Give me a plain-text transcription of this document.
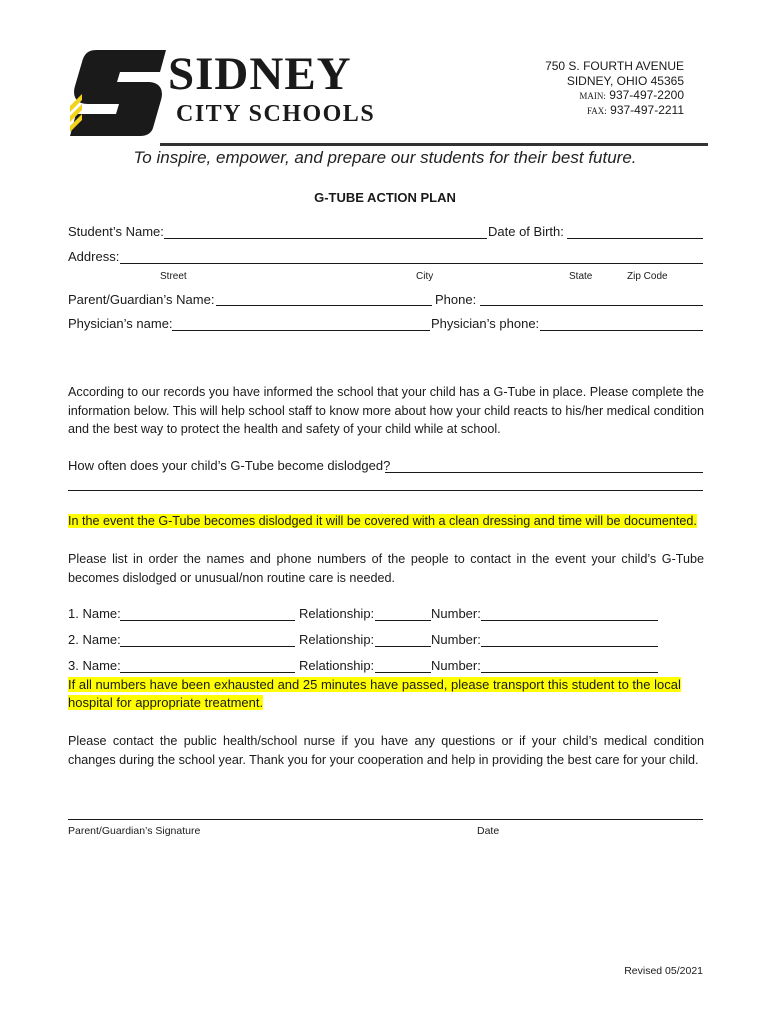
SIDNEY
CITY SCHOOLS
750 S. FOURTH AVENUE
SIDNEY, OHIO 45365
MAIN: 937-497-2200
FAX: 937-497-2211
To inspire, empower, and prepare our students for their best future.
G-TUBE ACTION PLAN
Student’s Name:	Date of Birth:
Address:
Street	City	State	Zip Code
Parent/Guardian’s Name:	Phone:
Physician’s name:	Physician’s phone:
According to our records you have informed the school that your child has a G-Tube in place. Please complete the information below. This will help school staff to know more about how your child reacts to his/her medical condition and the best way to protect the health and safety of your child while at school.
How often does your child’s G-Tube become dislodged?
In the event the G-Tube becomes dislodged it will be covered with a clean dressing and time will be documented.
Please list in order the names and phone numbers of the people to contact in the event your child’s G-Tube becomes dislodged or unusual/non routine care is needed.
1. Name:	Relationship:	Number:
2. Name:	Relationship:	Number:
3. Name:	Relationship:	Number:
If all numbers have been exhausted and 25 minutes have passed, please transport this student to the local
hospital for appropriate treatment.
Please contact the public health/school nurse if you have any questions or if your child’s medical condition changes during the school year. Thank you for your cooperation and help in providing the best care for your child.
Parent/Guardian’s Signature	Date
Revised 05/2021
